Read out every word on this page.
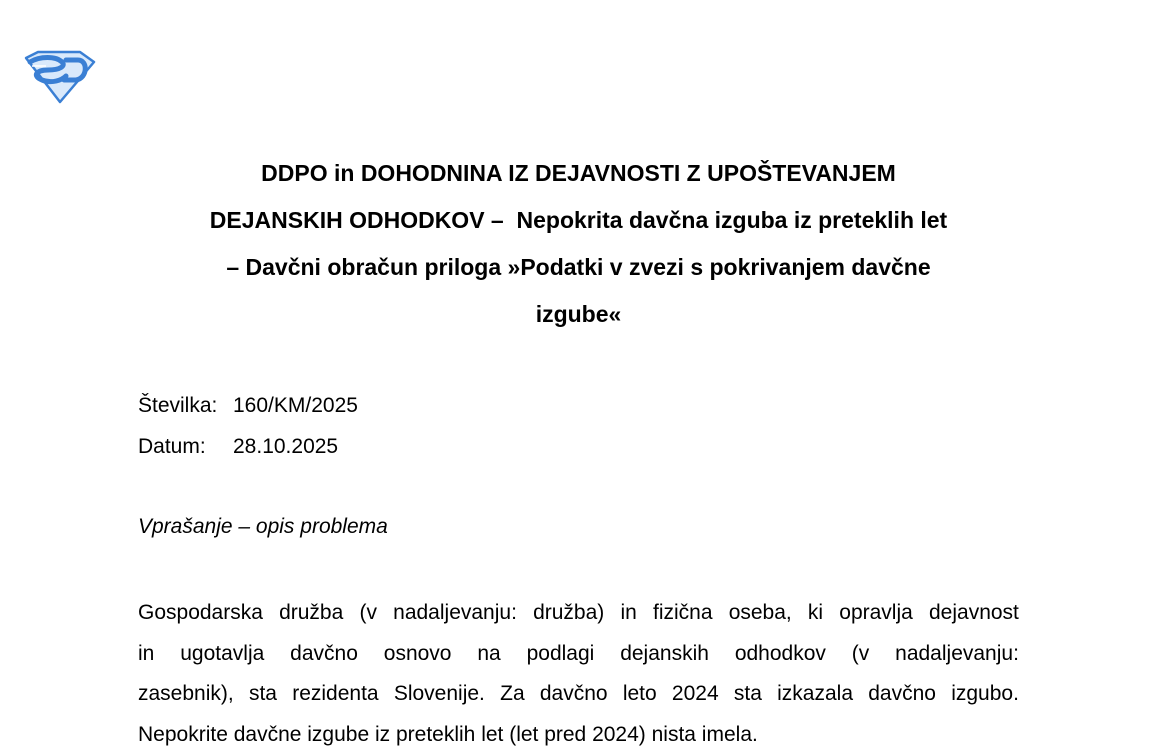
DDPO in DOHODNINA IZ DEJAVNOSTI Z UPOŠTEVANJEM
DEJANSKIH ODHODKOV –  Nepokrita davčna izguba iz preteklih let
– Davčni obračun priloga »Podatki v zvezi s pokrivanjem davčne
izgube«
Številka: 160/KM/2025
Datum: 28.10.2025
Vprašanje – opis problema
Gospodarska družba (v nadaljevanju: družba) in fizična oseba, ki opravlja dejavnost
in ugotavlja davčno osnovo na podlagi dejanskih odhodkov (v nadaljevanju:
zasebnik), sta rezidenta Slovenije. Za davčno leto 2024 sta izkazala davčno izgubo.
Nepokrite davčne izgube iz preteklih let (let pred 2024) nista imela.
